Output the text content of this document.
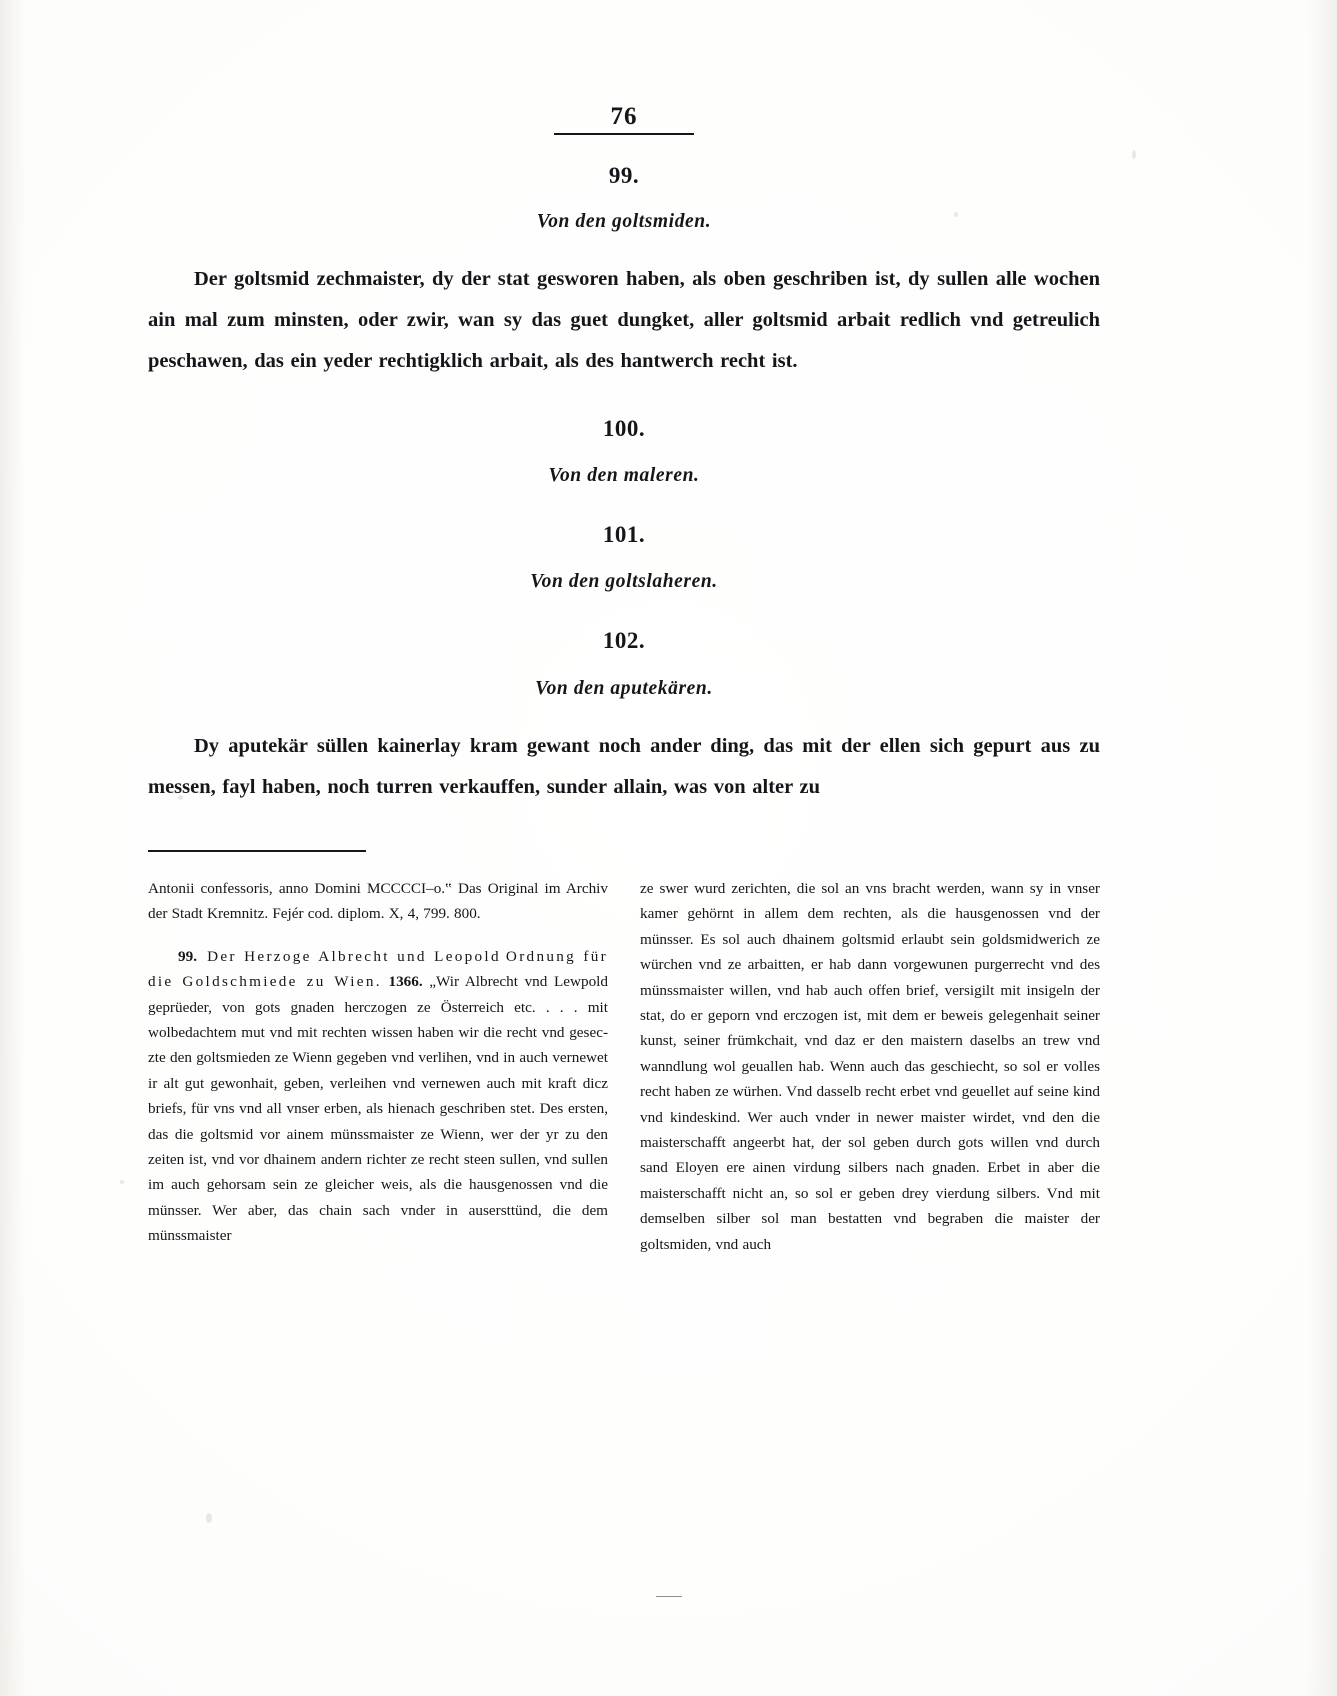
76
99.
Von den goltsmiden.
Der goltsmid zechmaister, dy der stat gesworen haben, als oben geschriben ist, dy sullen alle wochen ain mal zum minsten, oder zwir, wan sy das guet dungket, aller goltsmid arbait redlich vnd getreulich peschawen, das ein yeder rechtigklich arbait, als des hantwerch recht ist.
100.
Von den maleren.
101.
Von den goltslaheren.
102.
Von den aputekären.
Dy aputekär süllen kainerlay kram gewant noch ander ding, das mit der ellen sich gepurt aus zu messen, fayl haben, noch turren verkauffen, sunder allain, was von alter zu

Antonii confessoris, anno Domini MCCCCI–o.‟ Das Original im Archiv der Stadt Kremnitz. Fejér cod. diplom. X, 4, 799. 800.

99. Der Herzoge Albrecht und Leopold Ordnung für die Goldschmiede zu Wien. 1366. „Wir Albrecht vnd Lewpold geprüeder, von gots gnaden herczogen ze Österreich etc. . . . mit wolbedachtem mut vnd mit rechten wissen haben wir die recht vnd geseczte den goltsmieden ze Wienn gegeben vnd verlihen, vnd in auch vernewet ir alt gut gewonhait, geben, verleihen vnd vernewen auch mit kraft dicz briefs, für vns vnd all vnser erben, als hienach geschriben stet. Des ersten, das die goltsmid vor ainem münssmaister ze Wienn, wer der yr zu den zeiten ist, vnd vor dhainem andern richter ze recht steen sullen, vnd sullen im auch gehorsam sein ze gleicher weis, als die hausgenossen vnd die münsser. Wer aber, das chain sach vnder in ausersttünd, die dem münssmaister

ze swer wurd zerichten, die sol an vns bracht werden, wann sy in vnser kamer gehörnt in allem dem rechten, als die hausgenossen vnd der münsser. Es sol auch dhainem goltsmid erlaubt sein goldsmidwerich ze würchen vnd ze arbaitten, er hab dann vorgewunen purgerrecht vnd des münssmaister willen, vnd hab auch offen brief, versigilt mit insigeln der stat, do er geporn vnd erczogen ist, mit dem er beweis gelegenhait seiner kunst, seiner frümkchait, vnd daz er den maistern daselbs an trew vnd wanndlung wol geuallen hab. Wenn auch das geschiecht, so sol er volles recht haben ze würhen. Vnd dasselb recht erbet vnd geuellet auf seine kind vnd kindeskind. Wer auch vnder in newer maister wirdet, vnd den die maisterschafft angeerbt hat, der sol geben durch gots willen vnd durch sand Eloyen ere ainen virdung silbers nach gnaden. Erbet in aber die maisterschafft nicht an, so sol er geben drey vierdung silbers. Vnd mit demselben silber sol man bestatten vnd begraben die maister der goltsmiden, vnd auch
